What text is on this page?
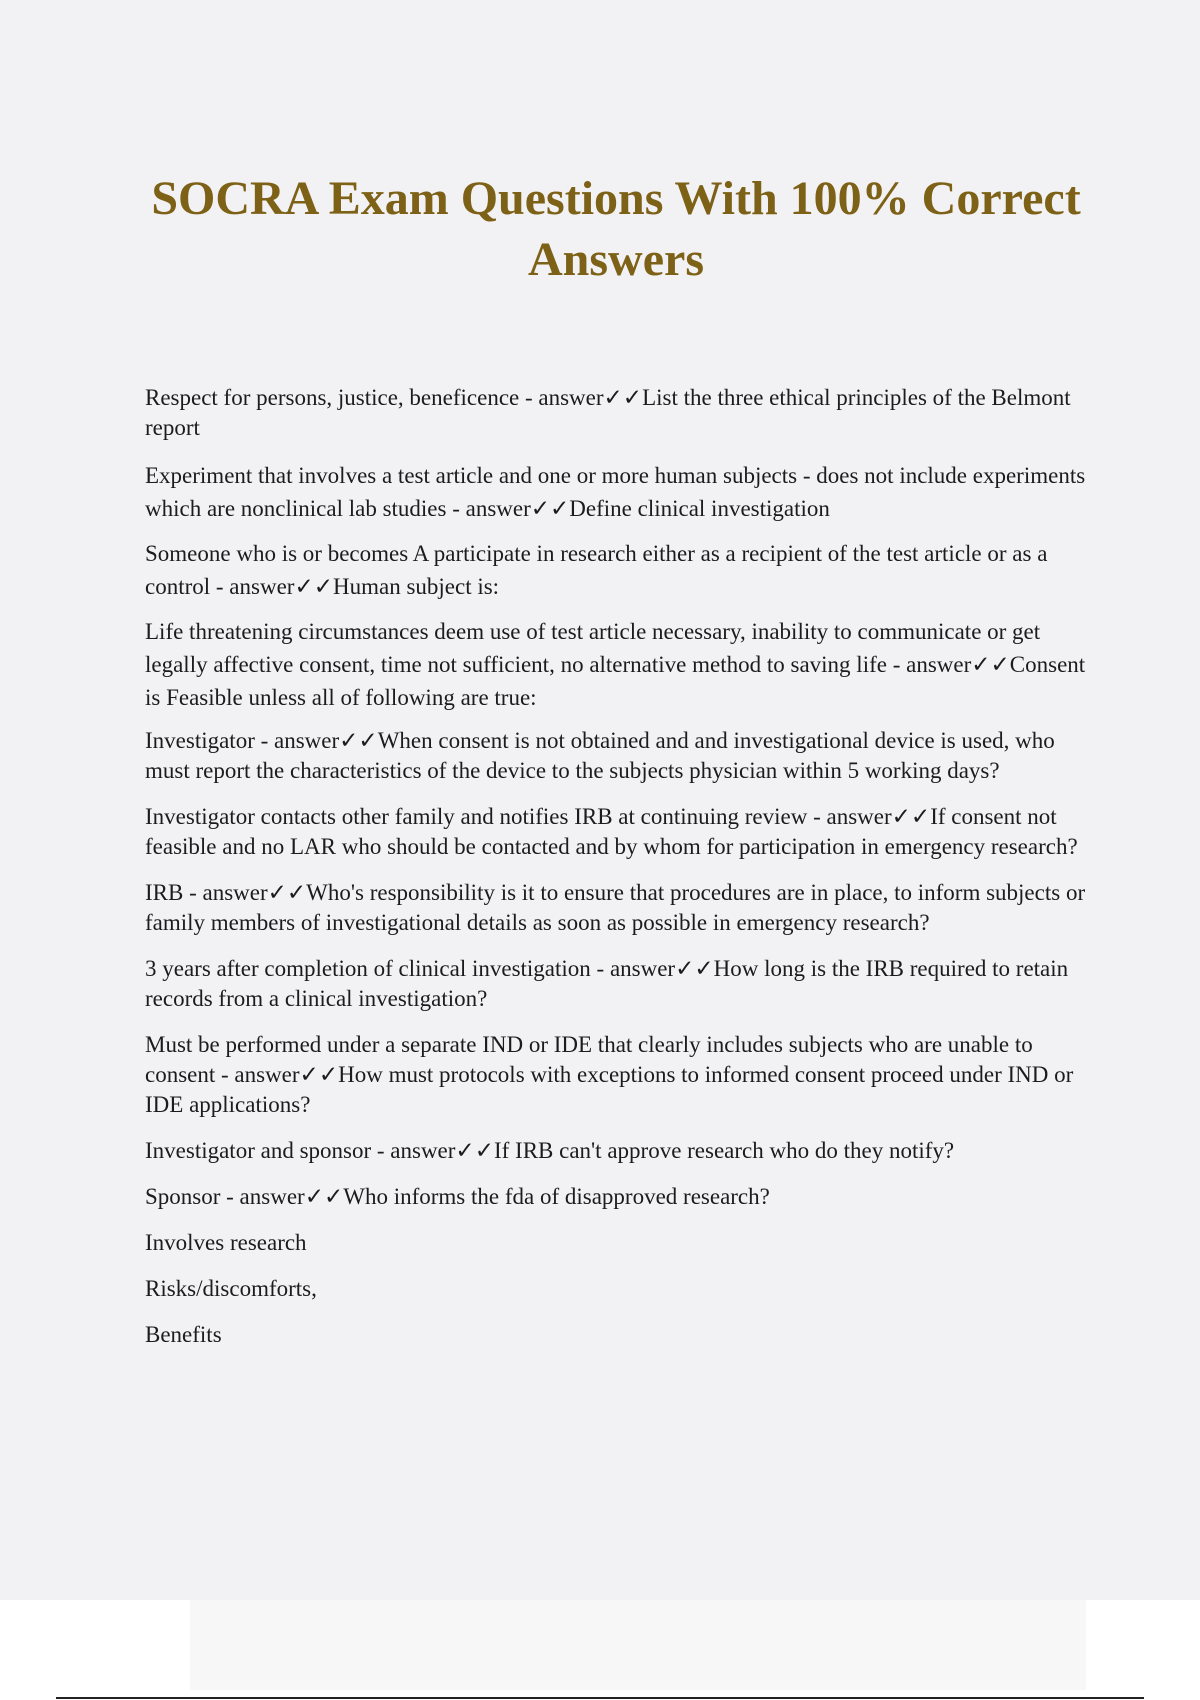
SOCRA Exam Questions With 100% Correct Answers

Respect for persons, justice, beneficence - answer✓✓List the three ethical principles of the Belmont report

Experiment that involves a test article and one or more human subjects - does not include experiments which are nonclinical lab studies - answer✓✓Define clinical investigation

Someone who is or becomes A participate in research either as a recipient of the test article or as a control - answer✓✓Human subject is:

Life threatening circumstances deem use of test article necessary, inability to communicate or get legally affective consent, time not sufficient, no alternative method to saving life - answer✓✓Consent is Feasible unless all of following are true:

Investigator - answer✓✓When consent is not obtained and and investigational device is used, who must report the characteristics of the device to the subjects physician within 5 working days?

Investigator contacts other family and notifies IRB at continuing review - answer✓✓If consent not feasible and no LAR who should be contacted and by whom for participation in emergency research?

IRB - answer✓✓Who's responsibility is it to ensure that procedures are in place, to inform subjects or family members of investigational details as soon as possible in emergency research?

3 years after completion of clinical investigation - answer✓✓How long is the IRB required to retain records from a clinical investigation?

Must be performed under a separate IND or IDE that clearly includes subjects who are unable to consent - answer✓✓How must protocols with exceptions to informed consent proceed under IND or IDE applications?

Investigator and sponsor - answer✓✓If IRB can't approve research who do they notify?

Sponsor - answer✓✓Who informs the fda of disapproved research?

Involves research

Risks/discomforts,

Benefits
